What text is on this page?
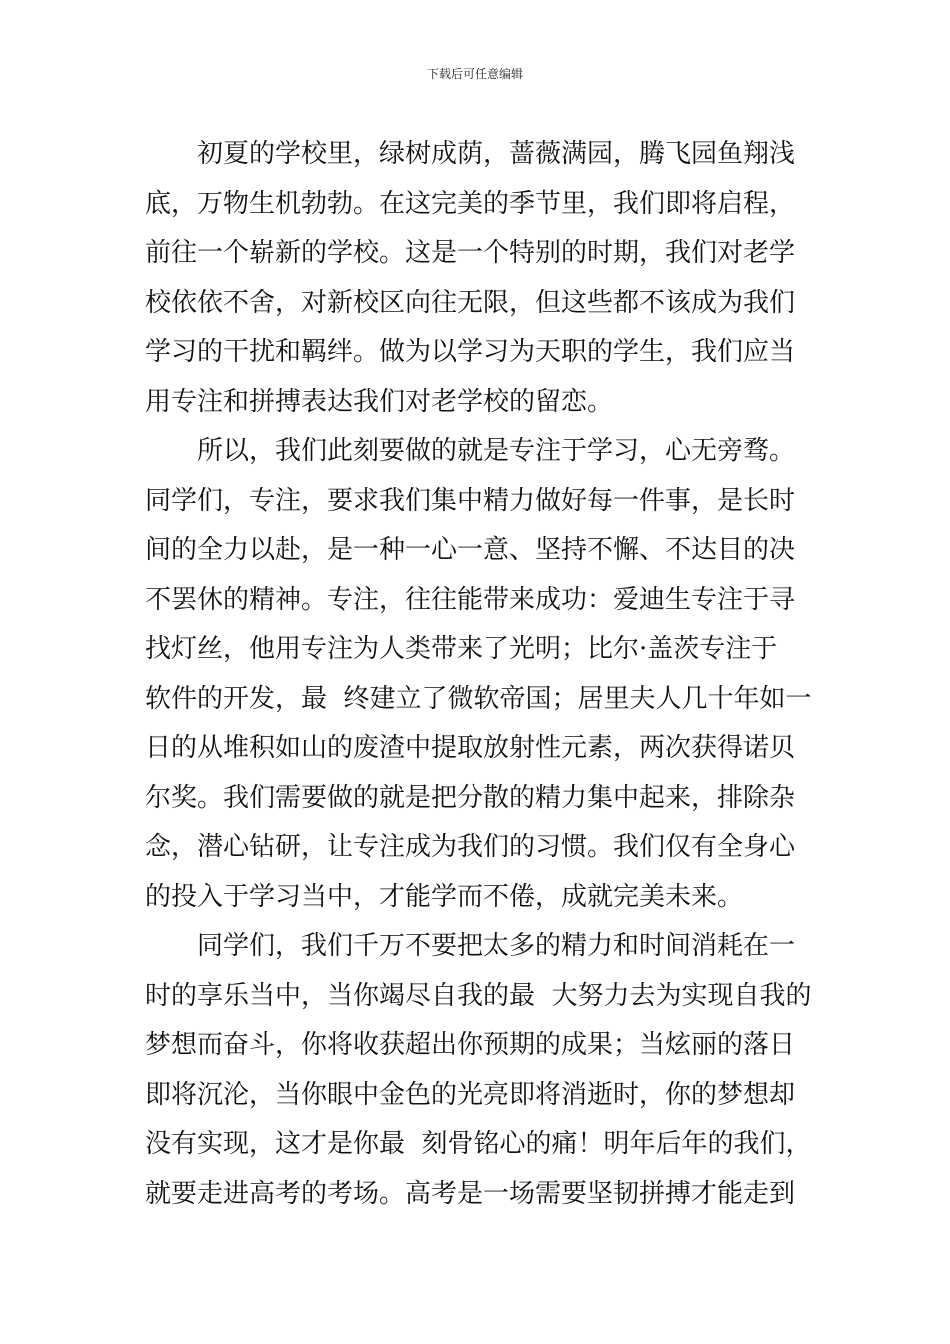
下载后可任意编辑
初夏的学校里，绿树成荫，蔷薇满园，腾飞园鱼翔浅
底，万物生机勃勃。在这完美的季节里，我们即将启程，
前往一个崭新的学校。这是一个特别的时期，我们对老学
校依依不舍，对新校区向往无限，但这些都不该成为我们
学习的干扰和羁绊。做为以学习为天职的学生，我们应当
用专注和拼搏表达我们对老学校的留恋。
所以，我们此刻要做的就是专注于学习，心无旁骛。
同学们，专注，要求我们集中精力做好每一件事，是长时
间的全力以赴，是一种一心一意、坚持不懈、不达目的决
不罢休的精神。专注，往往能带来成功：爱迪生专注于寻
找灯丝，他用专注为人类带来了光明；比尔·盖茨专注于
软件的开发，最  终建立了微软帝国；居里夫人几十年如一
日的从堆积如山的废渣中提取放射性元素，两次获得诺贝
尔奖。我们需要做的就是把分散的精力集中起来，排除杂
念，潜心钻研，让专注成为我们的习惯。我们仅有全身心
的投入于学习当中，才能学而不倦，成就完美未来。
同学们，我们千万不要把太多的精力和时间消耗在一
时的享乐当中，当你竭尽自我的最  大努力去为实现自我的
梦想而奋斗，你将收获超出你预期的成果；当炫丽的落日
即将沉沦，当你眼中金色的光亮即将消逝时，你的梦想却
没有实现，这才是你最  刻骨铭心的痛！明年后年的我们，
就要走进高考的考场。高考是一场需要坚韧拼搏才能走到
